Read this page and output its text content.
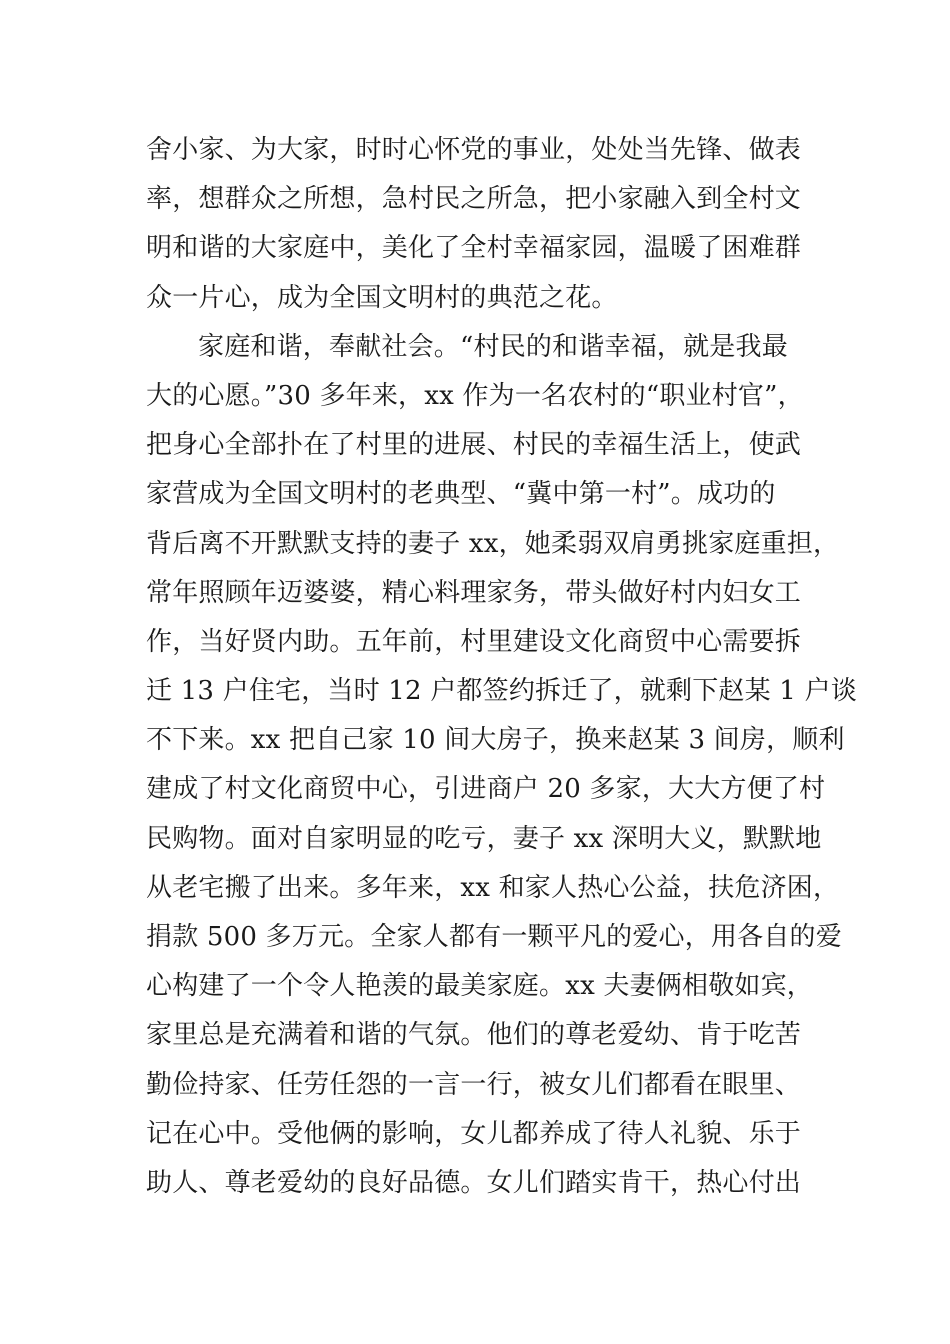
舍小家、为大家，时时心怀党的事业，处处当先锋、做表
率，想群众之所想，急村民之所急，把小家融入到全村文
明和谐的大家庭中，美化了全村幸福家园，温暖了困难群
众一片心，成为全国文明村的典范之花。
家庭和谐，奉献社会。“村民的和谐幸福，就是我最
大的心愿。”30 多年来，xx 作为一名农村的“职业村官”，
把身心全部扑在了村里的进展、村民的幸福生活上，使武
家营成为全国文明村的老典型、“冀中第一村”。成功的
背后离不开默默支持的妻子 xx，她柔弱双肩勇挑家庭重担，
常年照顾年迈婆婆，精心料理家务，带头做好村内妇女工
作，当好贤内助。五年前，村里建设文化商贸中心需要拆
迁 13 户住宅，当时 12 户都签约拆迁了，就剩下赵某 1 户谈
不下来。xx 把自己家 10 间大房子，换来赵某 3 间房，顺利
建成了村文化商贸中心，引进商户 20 多家，大大方便了村
民购物。面对自家明显的吃亏，妻子 xx 深明大义，默默地
从老宅搬了出来。多年来，xx 和家人热心公益，扶危济困，
捐款 500 多万元。全家人都有一颗平凡的爱心，用各自的爱
心构建了一个令人艳羡的最美家庭。xx 夫妻俩相敬如宾，
家里总是充满着和谐的气氛。他们的尊老爱幼、肯于吃苦
勤俭持家、任劳任怨的一言一行，被女儿们都看在眼里、
记在心中。受他俩的影响，女儿都养成了待人礼貌、乐于
助人、尊老爱幼的良好品德。女儿们踏实肯干，热心付出
